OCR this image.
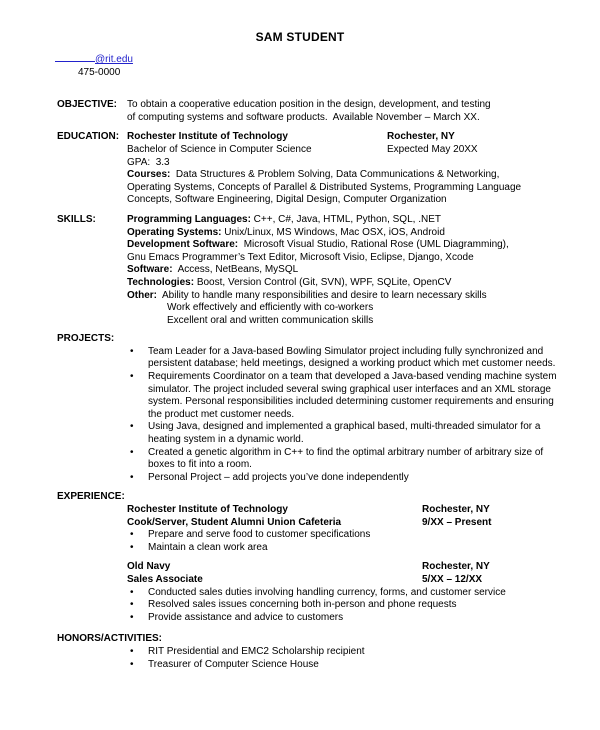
SAM STUDENT
@rit.edu
475-0000
OBJECTIVE: To obtain a cooperative education position in the design, development, and testing
of computing systems and software products.  Available November – March XX.
EDUCATION: Rochester Institute of Technology	Rochester, NY
Bachelor of Science in Computer Science	Expected May 20XX
GPA:  3.3
Courses:  Data Structures & Problem Solving, Data Communications & Networking,
Operating Systems, Concepts of Parallel & Distributed Systems, Programming Language
Concepts, Software Engineering, Digital Design, Computer Organization
SKILLS:	Programming Languages: C++, C#, Java, HTML, Python, SQL, .NET
Operating Systems: Unix/Linux, MS Windows, Mac OSX, iOS, Android
Development Software:  Microsoft Visual Studio, Rational Rose (UML Diagramming),
Gnu Emacs Programmer’s Text Editor, Microsoft Visio, Eclipse, Django, Xcode
Software:  Access, NetBeans, MySQL
Technologies: Boost, Version Control (Git, SVN), WPF, SQLite, OpenCV
Other:  Ability to handle many responsibilities and desire to learn necessary skills
Work effectively and efficiently with co-workers
Excellent oral and written communication skills
PROJECTS:
•	Team Leader for a Java-based Bowling Simulator project including fully synchronized and persistent database; held meetings, designed a working product which met customer needs.
•	Requirements Coordinator on a team that developed a Java-based vending machine system simulator. The project included several swing graphical user interfaces and an XML storage system. Personal responsibilities included determining customer requirements and ensuring the product met customer needs.
•	Using Java, designed and implemented a graphical based, multi-threaded simulator for a heating system in a dynamic world.
•	Created a genetic algorithm in C++ to find the optimal arbitrary number of arbitrary size of boxes to fit into a room.
•	Personal Project – add projects you’ve done independently
EXPERIENCE:
Rochester Institute of Technology	Rochester, NY
Cook/Server, Student Alumni Union Cafeteria	9/XX – Present
•	Prepare and serve food to customer specifications
•	Maintain a clean work area
Old Navy	Rochester, NY
Sales Associate	5/XX – 12/XX
•	Conducted sales duties involving handling currency, forms, and customer service
•	Resolved sales issues concerning both in-person and phone requests
•	Provide assistance and advice to customers
HONORS/ACTIVITIES:
•	RIT Presidential and EMC2 Scholarship recipient
•	Treasurer of Computer Science House
